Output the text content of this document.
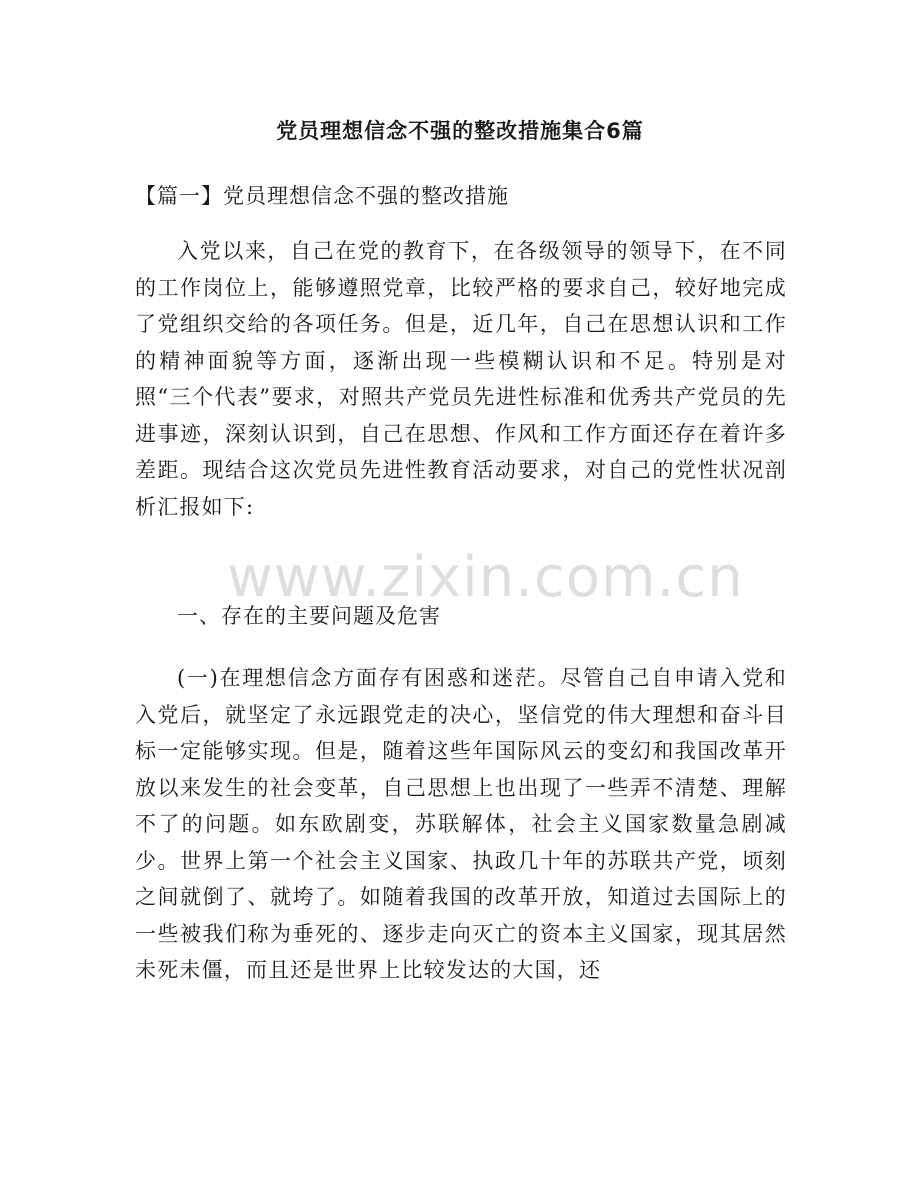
党员理想信念不强的整改措施集合6篇

【篇一】党员理想信念不强的整改措施

入党以来，自己在党的教育下，在各级领导的领导下，在不同的工作岗位上，能够遵照党章，比较严格的要求自己，较好地完成了党组织交给的各项任务。但是，近几年，自己在思想认识和工作的精神面貌等方面，逐渐出现一些模糊认识和不足。特别是对照“三个代表”要求，对照共产党员先进性标准和优秀共产党员的先进事迹，深刻认识到，自己在思想、作风和工作方面还存在着许多差距。现结合这次党员先进性教育活动要求，对自己的党性状况剖析汇报如下:

www.zixin.com.cn

一、存在的主要问题及危害

(一)在理想信念方面存有困惑和迷茫。尽管自己自申请入党和入党后，就坚定了永远跟党走的决心，坚信党的伟大理想和奋斗目标一定能够实现。但是，随着这些年国际风云的变幻和我国改革开放以来发生的社会变革，自己思想上也出现了一些弄不清楚、理解不了的问题。如东欧剧变，苏联解体，社会主义国家数量急剧减少。世界上第一个社会主义国家、执政几十年的苏联共产党，顷刻之间就倒了、就垮了。如随着我国的改革开放，知道过去国际上的一些被我们称为垂死的、逐步走向灭亡的资本主义国家，现其居然未死未僵，而且还是世界上比较发达的大国，还
